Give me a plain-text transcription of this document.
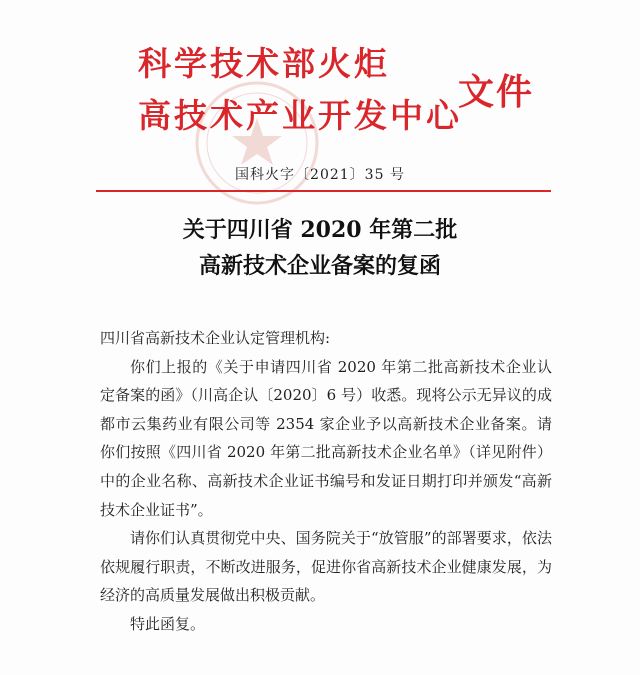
科学技术部火炬
高技术产业开发中心
文件
国科火字〔2021〕35 号
关于四川省 2020 年第二批
高新技术企业备案的复函

四川省高新技术企业认定管理机构:

你们上报的《关于申请四川省 2020 年第二批高新技术企业认定备案的函》（川高企认〔2020〕6 号）收悉。现将公示无异议的成都市云集药业有限公司等 2354 家企业予以高新技术企业备案。请你们按照《四川省 2020 年第二批高新技术企业名单》（详见附件）中的企业名称、高新技术企业证书编号和发证日期打印并颁发“高新技术企业证书”。

请你们认真贯彻党中央、国务院关于“放管服”的部署要求，依法依规履行职责，不断改进服务，促进你省高新技术企业健康发展，为经济的高质量发展做出积极贡献。

特此函复。
